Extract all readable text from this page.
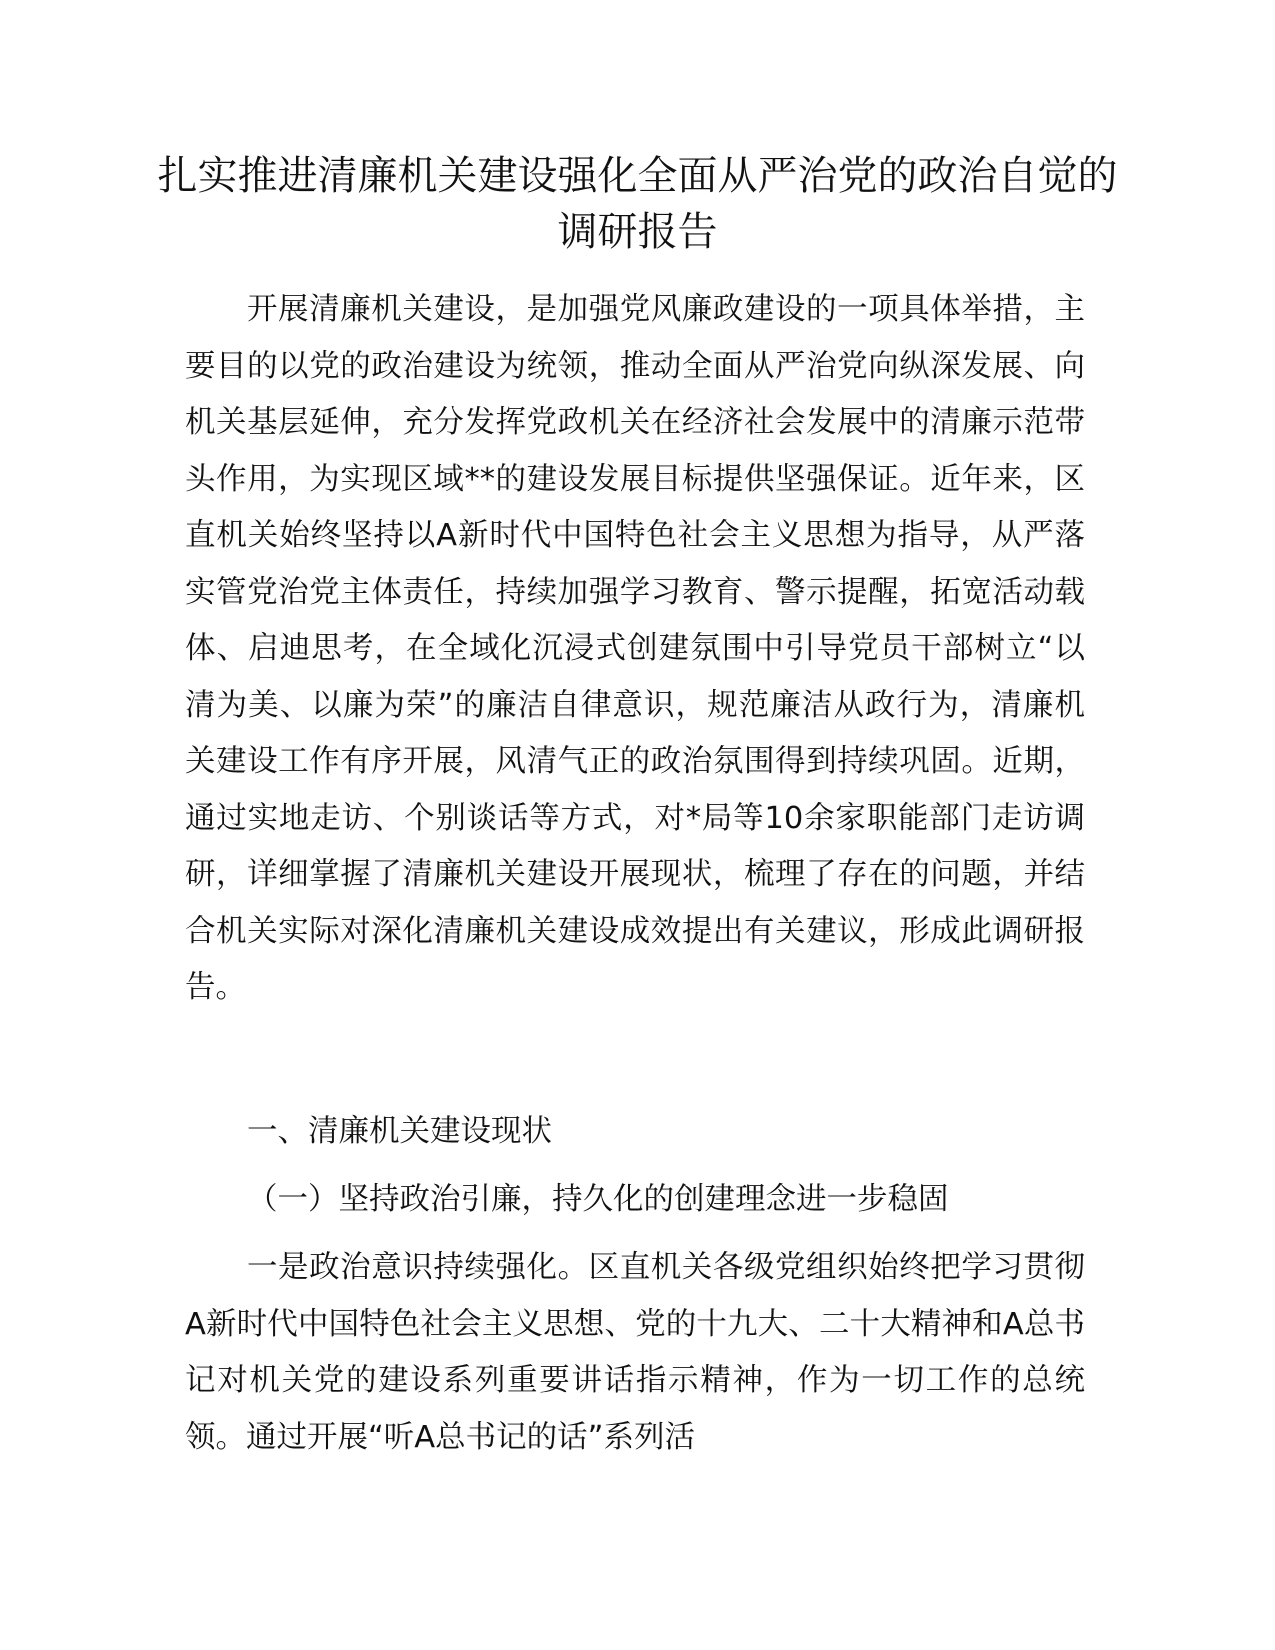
扎实推进清廉机关建设强化全面从严治党的政治自觉的调研报告

开展清廉机关建设，是加强党风廉政建设的一项具体举措，主要目的以党的政治建设为统领，推动全面从严治党向纵深发展、向机关基层延伸，充分发挥党政机关在经济社会发展中的清廉示范带头作用，为实现区域**的建设发展目标提供坚强保证。近年来，区直机关始终坚持以A新时代中国特色社会主义思想为指导，从严落实管党治党主体责任，持续加强学习教育、警示提醒，拓宽活动载体、启迪思考，在全域化沉浸式创建氛围中引导党员干部树立“以清为美、以廉为荣”的廉洁自律意识，规范廉洁从政行为，清廉机关建设工作有序开展，风清气正的政治氛围得到持续巩固。近期，通过实地走访、个别谈话等方式，对*局等10余家职能部门走访调研，详细掌握了清廉机关建设开展现状，梳理了存在的问题，并结合机关实际对深化清廉机关建设成效提出有关建议，形成此调研报告。

一、清廉机关建设现状

（一）坚持政治引廉，持久化的创建理念进一步稳固

一是政治意识持续强化。区直机关各级党组织始终把学习贯彻A新时代中国特色社会主义思想、党的十九大、二十大精神和A总书记对机关党的建设系列重要讲话指示精神，作为一切工作的总统领。通过开展“听A总书记的话”系列活
